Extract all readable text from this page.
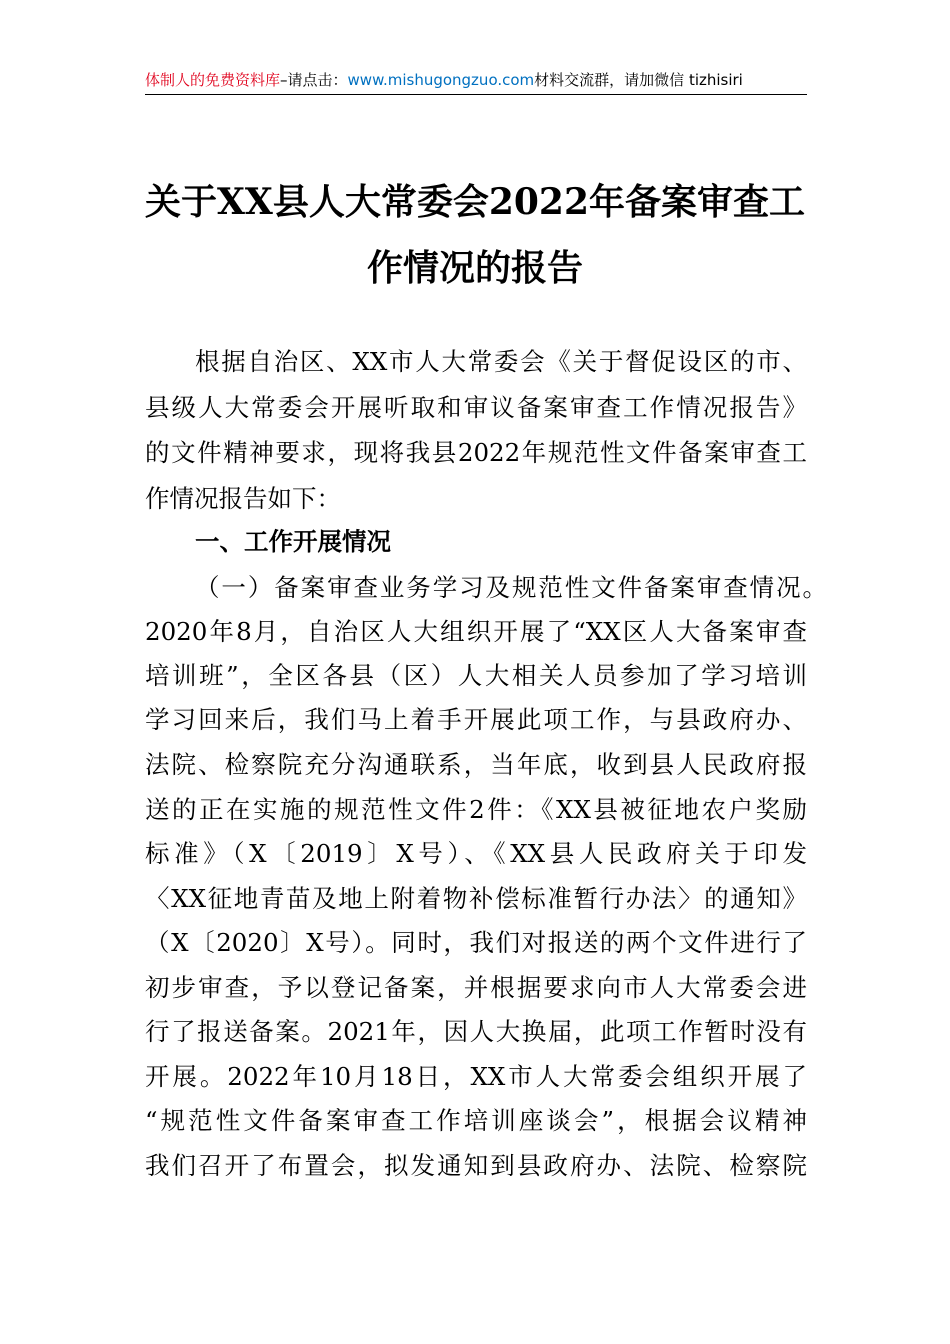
体制人的免费资料库–请点击：www.mishugongzuo.com材料交流群，请加微信 tizhisiri
关于XX县人大常委会2022年备案审查工
作情况的报告
根据自治区、XX市人大常委会《关于督促设区的市、
县级人大常委会开展听取和审议备案审查工作情况报告》
的文件精神要求，现将我县2022年规范性文件备案审查工
作情况报告如下：
一、工作开展情况
（一）备案审查业务学习及规范性文件备案审查情况。
2020年8月，自治区人大组织开展了“XX区人大备案审查
培训班”，全区各县（区）人大相关人员参加了学习培训
学习回来后，我们马上着手开展此项工作，与县政府办、
法院、检察院充分沟通联系，当年底，收到县人民政府报
送的正在实施的规范性文件2件：《XX县被征地农户奖励
标准》（X〔2019〕X号）、《XX县人民政府关于印发
〈XX征地青苗及地上附着物补偿标准暂行办法〉的通知》
（X〔2020〕X号）。同时，我们对报送的两个文件进行了
初步审查，予以登记备案，并根据要求向市人大常委会进
行了报送备案。2021年，因人大换届，此项工作暂时没有
开展。2022年10月18日，XX市人大常委会组织开展了
“规范性文件备案审查工作培训座谈会”，根据会议精神
我们召开了布置会，拟发通知到县政府办、法院、检察院
